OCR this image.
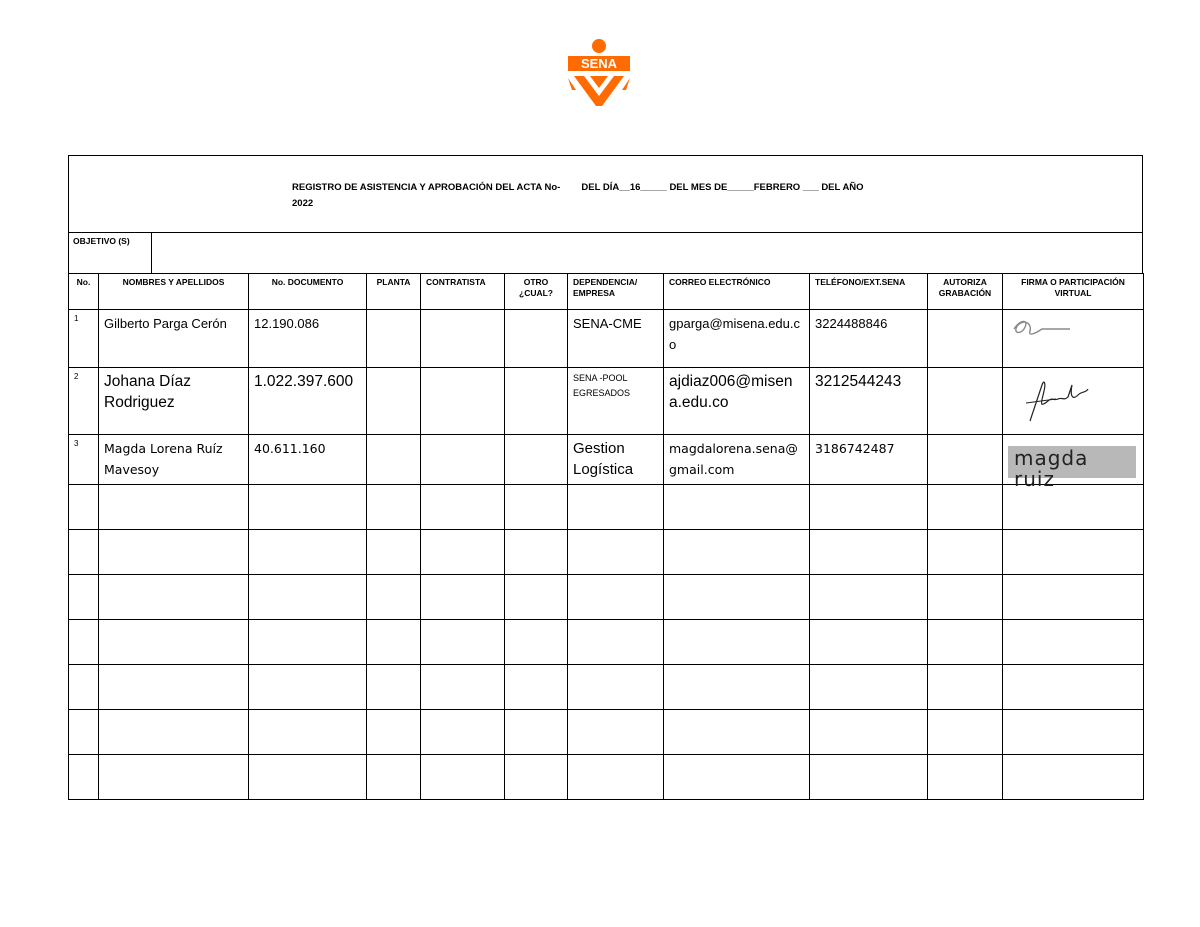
SENA
REGISTRO DE ASISTENCIA Y APROBACIÓN DEL ACTA No-        DEL DÍA__16_____ DEL MES DE_____FEBRERO ___ DEL AÑO
2022
OBJETIVO (S)
No.	NOMBRES Y APELLIDOS	No. DOCUMENTO	PLANTA	CONTRATISTA	OTRO ¿CUAL?	DEPENDENCIA/ EMPRESA	CORREO ELECTRÓNICO	TELÉFONO/EXT.SENA	AUTORIZA GRABACIÓN	FIRMA O PARTICIPACIÓN VIRTUAL
1	Gilberto Parga Cerón	12.190.086				SENA-CME	gparga@misena.edu.co	3224488846		

2	Johana Díaz Rodriguez	1.022.397.600				SENA -POOL EGRESADOS	ajdiaz006@misena.edu.co	3212544243		

3	Magda Lorena Ruíz Mavesoy	40.611.160				Gestion Logística	magdalorena.sena@gmail.com	3186742487		magda ruiz
